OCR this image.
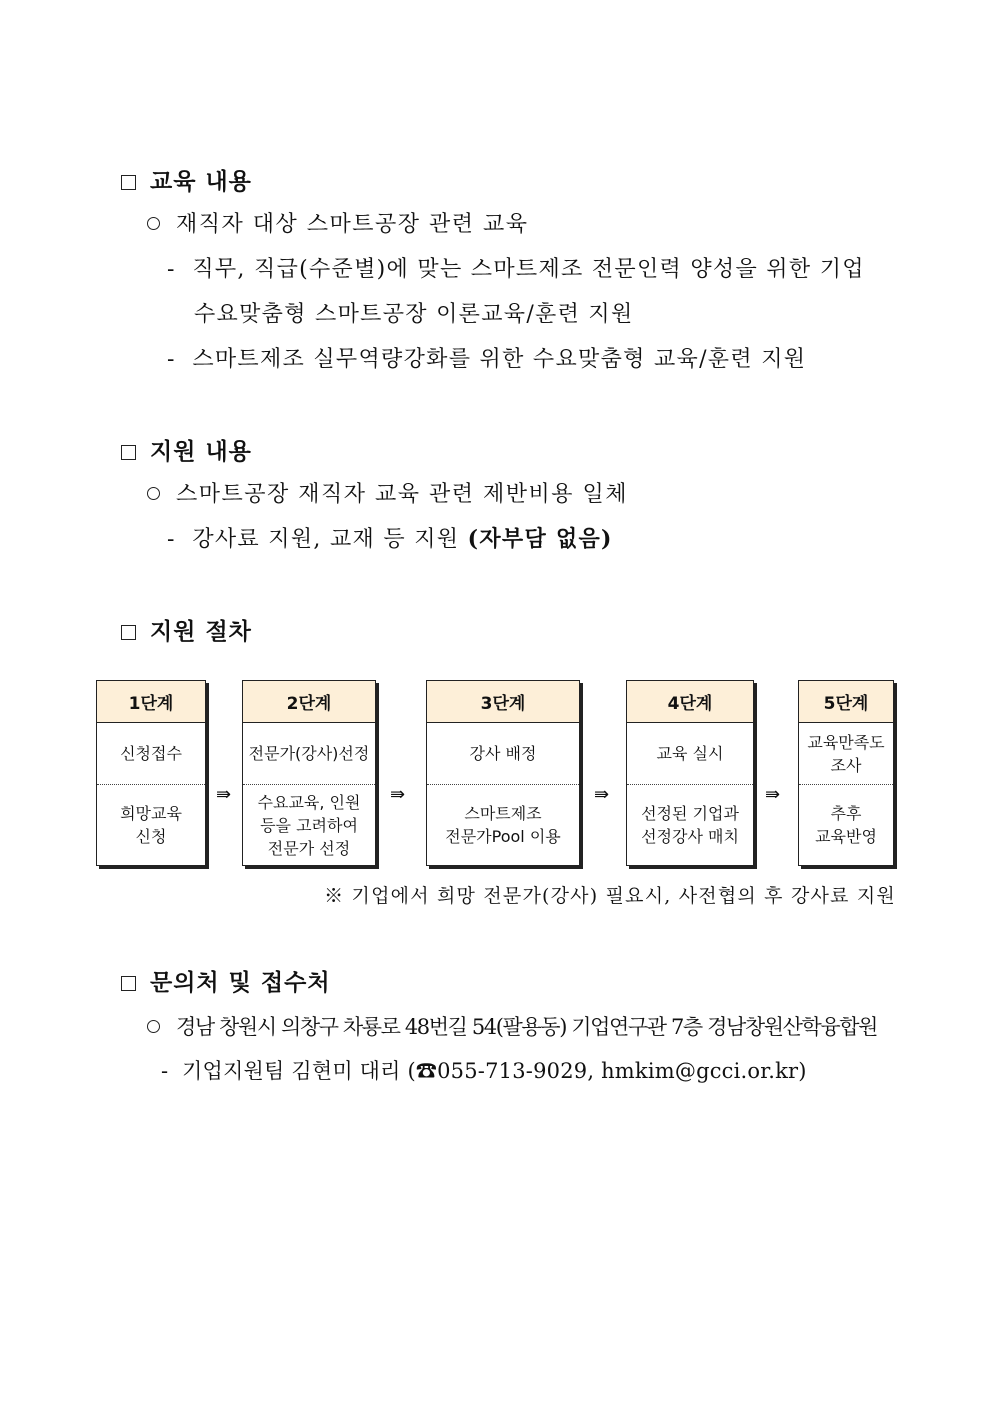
교육 내용
재직자 대상 스마트공장 관련 교육
-  직무, 직급(수준별)에 맞는 스마트제조 전문인력 양성을 위한 기업
수요맞춤형 스마트공장 이론교육/훈련 지원
-  스마트제조 실무역량강화를 위한 수요맞춤형 교육/훈련 지원
지원 내용
스마트공장 재직자 교육 관련 제반비용 일체
-  강사료 지원, 교재 등 지원 (자부담 없음)
지원 절차
1단계
신청접수
희망교육
신청
⇛
2단계
전문가(강사)선정
수요교육, 인원
등을 고려하여
전문가 선정
⇛
3단계
강사 배정
스마트제조
전문가Pool 이용
⇛
4단계
교육 실시
선정된 기업과
선정강사 매치
⇛
5단계
교육만족도
조사
추후
교육반영
※ 기업에서 희망 전문가(강사) 필요시, 사전협의 후 강사료 지원
문의처 및 접수처
경남 창원시 의창구 차룡로 48번길 54(팔용동) 기업연구관 7층 경남창원산학융합원
-  기업지원팀 김현미 대리 (☎055-713-9029, hmkim@gcci.or.kr)
